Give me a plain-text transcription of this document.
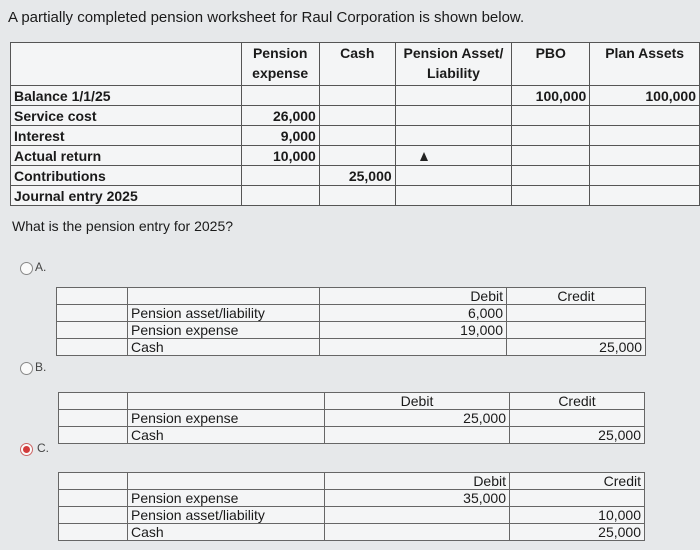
A partially completed pension worksheet for Raul Corporation is shown below.
	Pension expense	Cash	Pension Asset/ Liability	PBO	Plan Assets
Balance 1/1/25				100,000	100,000
Service cost	26,000				
Interest	9,000				
Actual return	10,000				
Contributions		25,000			
Journal entry 2025					
What is the pension entry for 2025?
A.
		Debit	Credit
	Pension asset/liability	6,000	
	Pension expense	19,000	
	Cash		25,000
B.
		Debit	Credit
	Pension expense	25,000	
	Cash		25,000
C.
		Debit	Credit
	Pension expense	35,000	
	Pension asset/liability		10,000
	Cash		25,000
